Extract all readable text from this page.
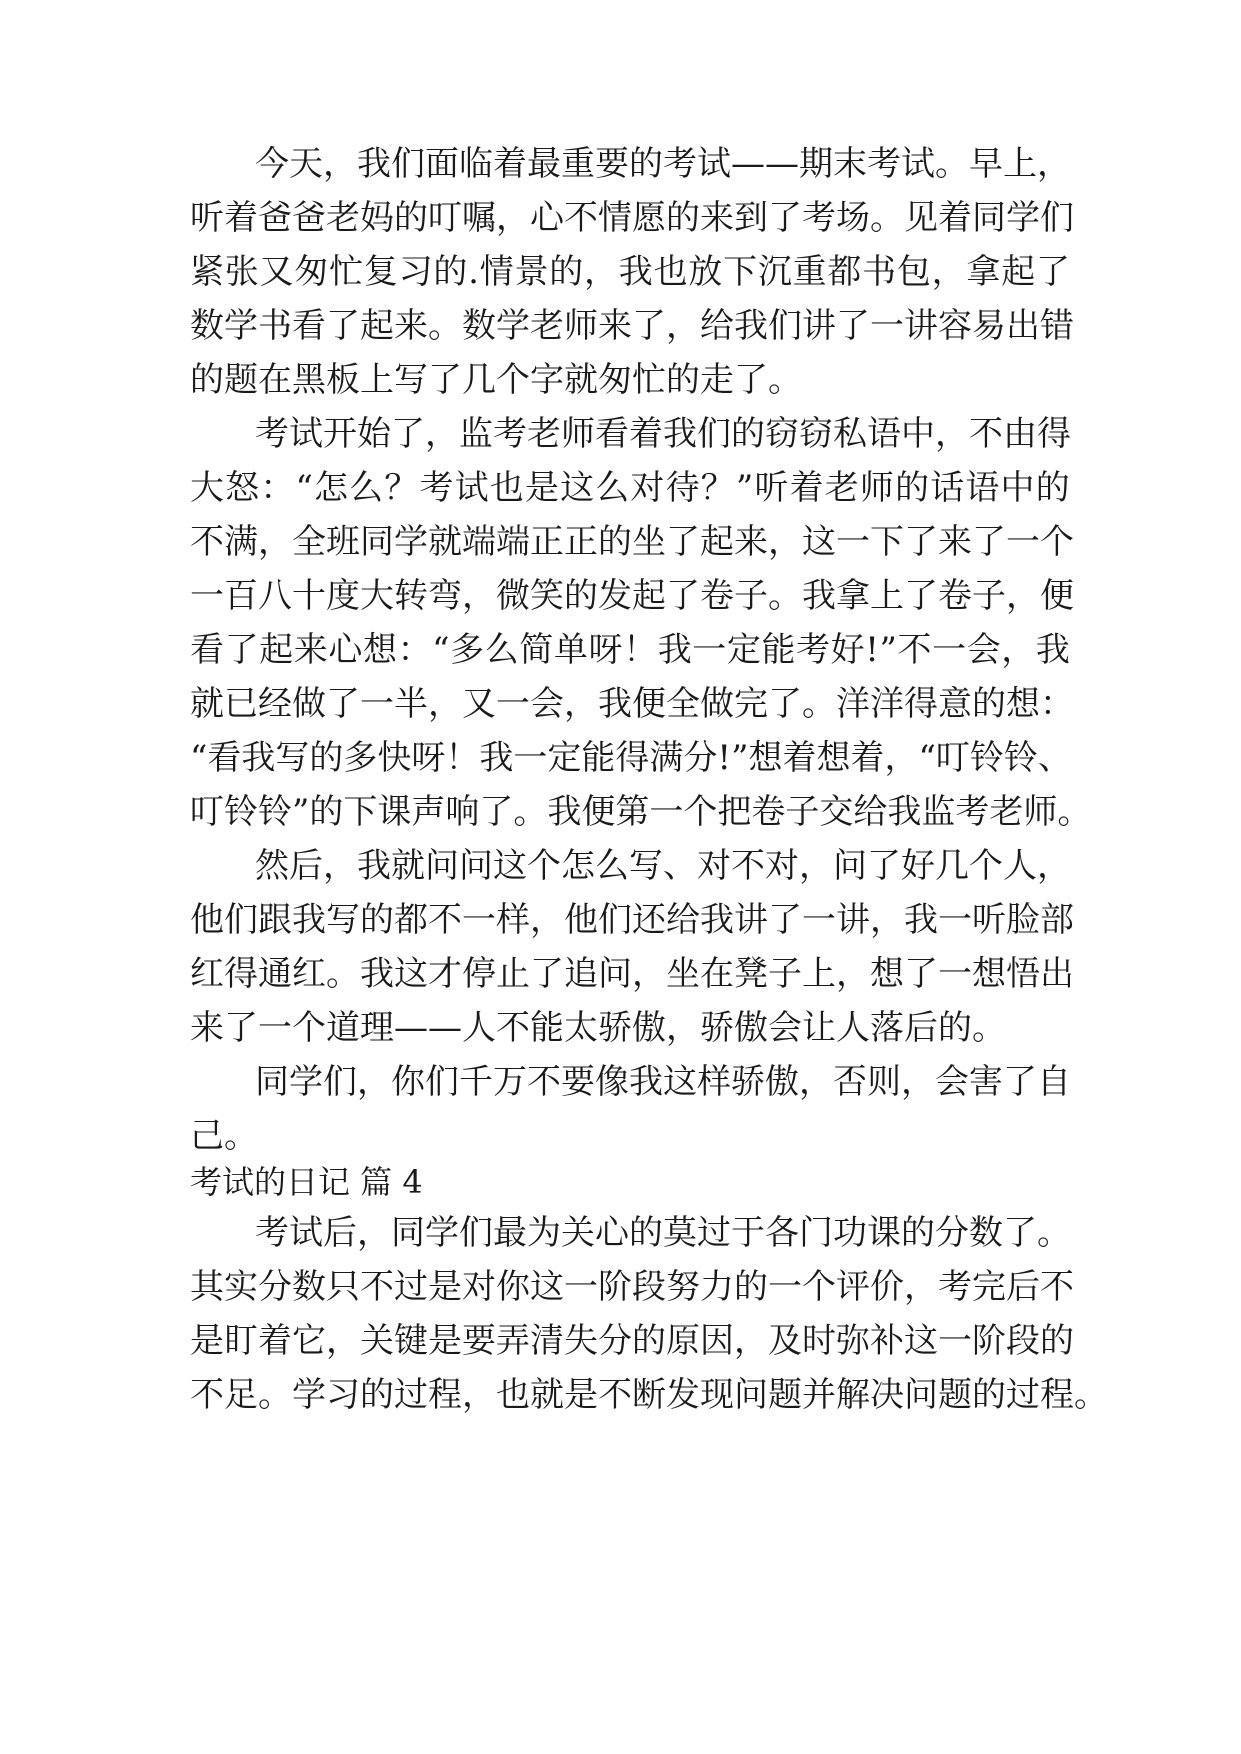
今 天 ， 我 们 面 临 着 最 重 要 的 考 试 — — 期 末 考 试 。 早 上 ，
听 着 爸 爸 老 妈 的 叮 嘱 ， 心 不 情 愿 的 来 到 了 考 场 。 见 着 同 学 们
紧 张 又 匆 忙 复 习 的 . 情 景 的 ， 我 也 放 下 沉 重 都 书 包 ， 拿 起 了
数 学 书 看 了 起 来 。 数 学 老 师 来 了 ， 给 我 们 讲 了 一 讲 容 易 出 错
的题在黑板上写了几个字就匆忙的走了。
考 试 开 始 了 ， 监 考 老 师 看 着 我 们 的 窃 窃 私 语 中 ， 不 由 得
大 怒 ： “ 怎 么 ？ 考 试 也 是 这 么 对 待 ？ ” 听 着 老 师 的 话 语 中 的
不 满 ， 全 班 同 学 就 端 端 正 正 的 坐 了 起 来 ， 这 一 下 了 来 了 一 个
一 百 八 十 度 大 转 弯 ， 微 笑 的 发 起 了 卷 子 。 我 拿 上 了 卷 子 ， 便
看 了 起 来 心 想 ： “ 多 么 简 单 呀 ！ 我 一 定 能 考 好 ! ” 不 一 会 ， 我
就 已 经 做 了 一 半 ， 又 一 会 ， 我 便 全 做 完 了 。 洋 洋 得 意 的 想 ：
“ 看 我 写 的 多 快 呀 ！ 我 一 定 能 得 满 分 ! ” 想 着 想 着 ， “ 叮 铃 铃 、
叮 铃 铃 ” 的 下 课 声 响 了 。 我 便 第 一 个 把 卷 子 交 给 我 监 考 老 师 。
然 后 ， 我 就 问 问 这 个 怎 么 写 、 对 不 对 ， 问 了 好 几 个 人 ，
他 们 跟 我 写 的 都 不 一 样 ， 他 们 还 给 我 讲 了 一 讲 ， 我 一 听 脸 部
红 得 通 红 。 我 这 才 停 止 了 追 问 ， 坐 在 凳 子 上 ， 想 了 一 想 悟 出
来了一个道理——人不能太骄傲，骄傲会让人落后的。
同 学 们 ， 你 们 千 万 不 要 像 我 这 样 骄 傲 ， 否 则 ， 会 害 了 自
己。
考试的日记 篇 4
考 试 后 ， 同 学 们 最 为 关 心 的 莫 过 于 各 门 功 课 的 分 数 了 。
其 实 分 数 只 不 过 是 对 你 这 一 阶 段 努 力 的 一 个 评 价 ， 考 完 后 不
是 盯 着 它 ， 关 键 是 要 弄 清 失 分 的 原 因 ， 及 时 弥 补 这 一 阶 段 的
不 足 。 学 习 的 过 程 ， 也 就 是 不 断 发 现 问 题 并 解 决 问 题 的 过 程 。
